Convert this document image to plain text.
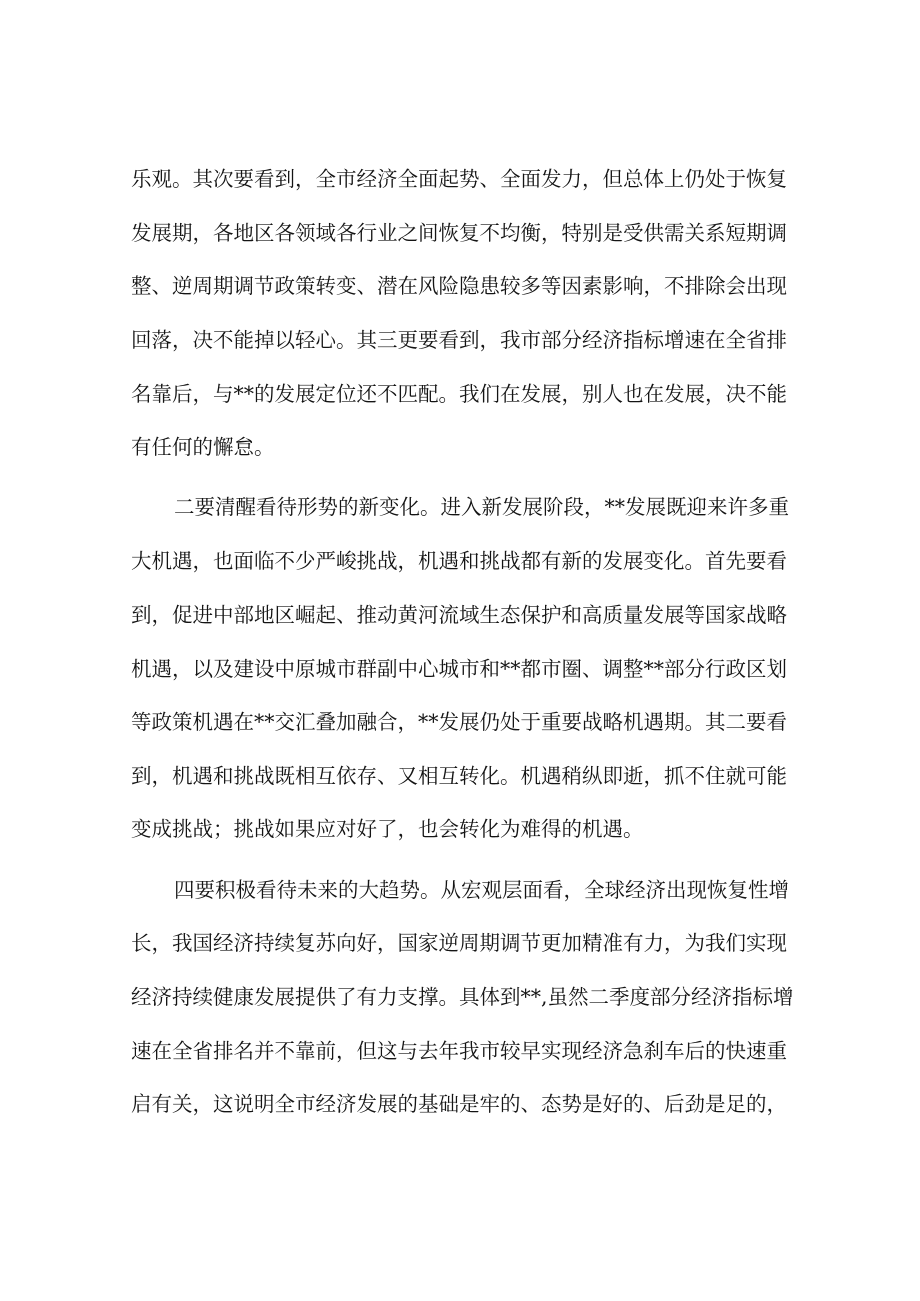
乐观。其次要看到，全市经济全面起势、全面发力，但总体上仍处于恢复
发展期，各地区各领域各行业之间恢复不均衡，特别是受供需关系短期调
整、逆周期调节政策转变、潜在风险隐患较多等因素影响，不排除会出现
回落，决不能掉以轻心。其三更要看到，我市部分经济指标增速在全省排
名靠后，与**的发展定位还不匹配。我们在发展，别人也在发展，决不能
有任何的懈怠。
二要清醒看待形势的新变化。进入新发展阶段，**发展既迎来许多重
大机遇，也面临不少严峻挑战，机遇和挑战都有新的发展变化。首先要看
到，促进中部地区崛起、推动黄河流域生态保护和高质量发展等国家战略
机遇，以及建设中原城市群副中心城市和**都市圈、调整**部分行政区划
等政策机遇在**交汇叠加融合，**发展仍处于重要战略机遇期。其二要看
到，机遇和挑战既相互依存、又相互转化。机遇稍纵即逝，抓不住就可能
变成挑战；挑战如果应对好了，也会转化为难得的机遇。
四要积极看待未来的大趋势。从宏观层面看，全球经济出现恢复性增
长，我国经济持续复苏向好，国家逆周期调节更加精准有力，为我们实现
经济持续健康发展提供了有力支撑。具体到**,虽然二季度部分经济指标增
速在全省排名并不靠前，但这与去年我市较早实现经济急刹车后的快速重
启有关，这说明全市经济发展的基础是牢的、态势是好的、后劲是足的，
